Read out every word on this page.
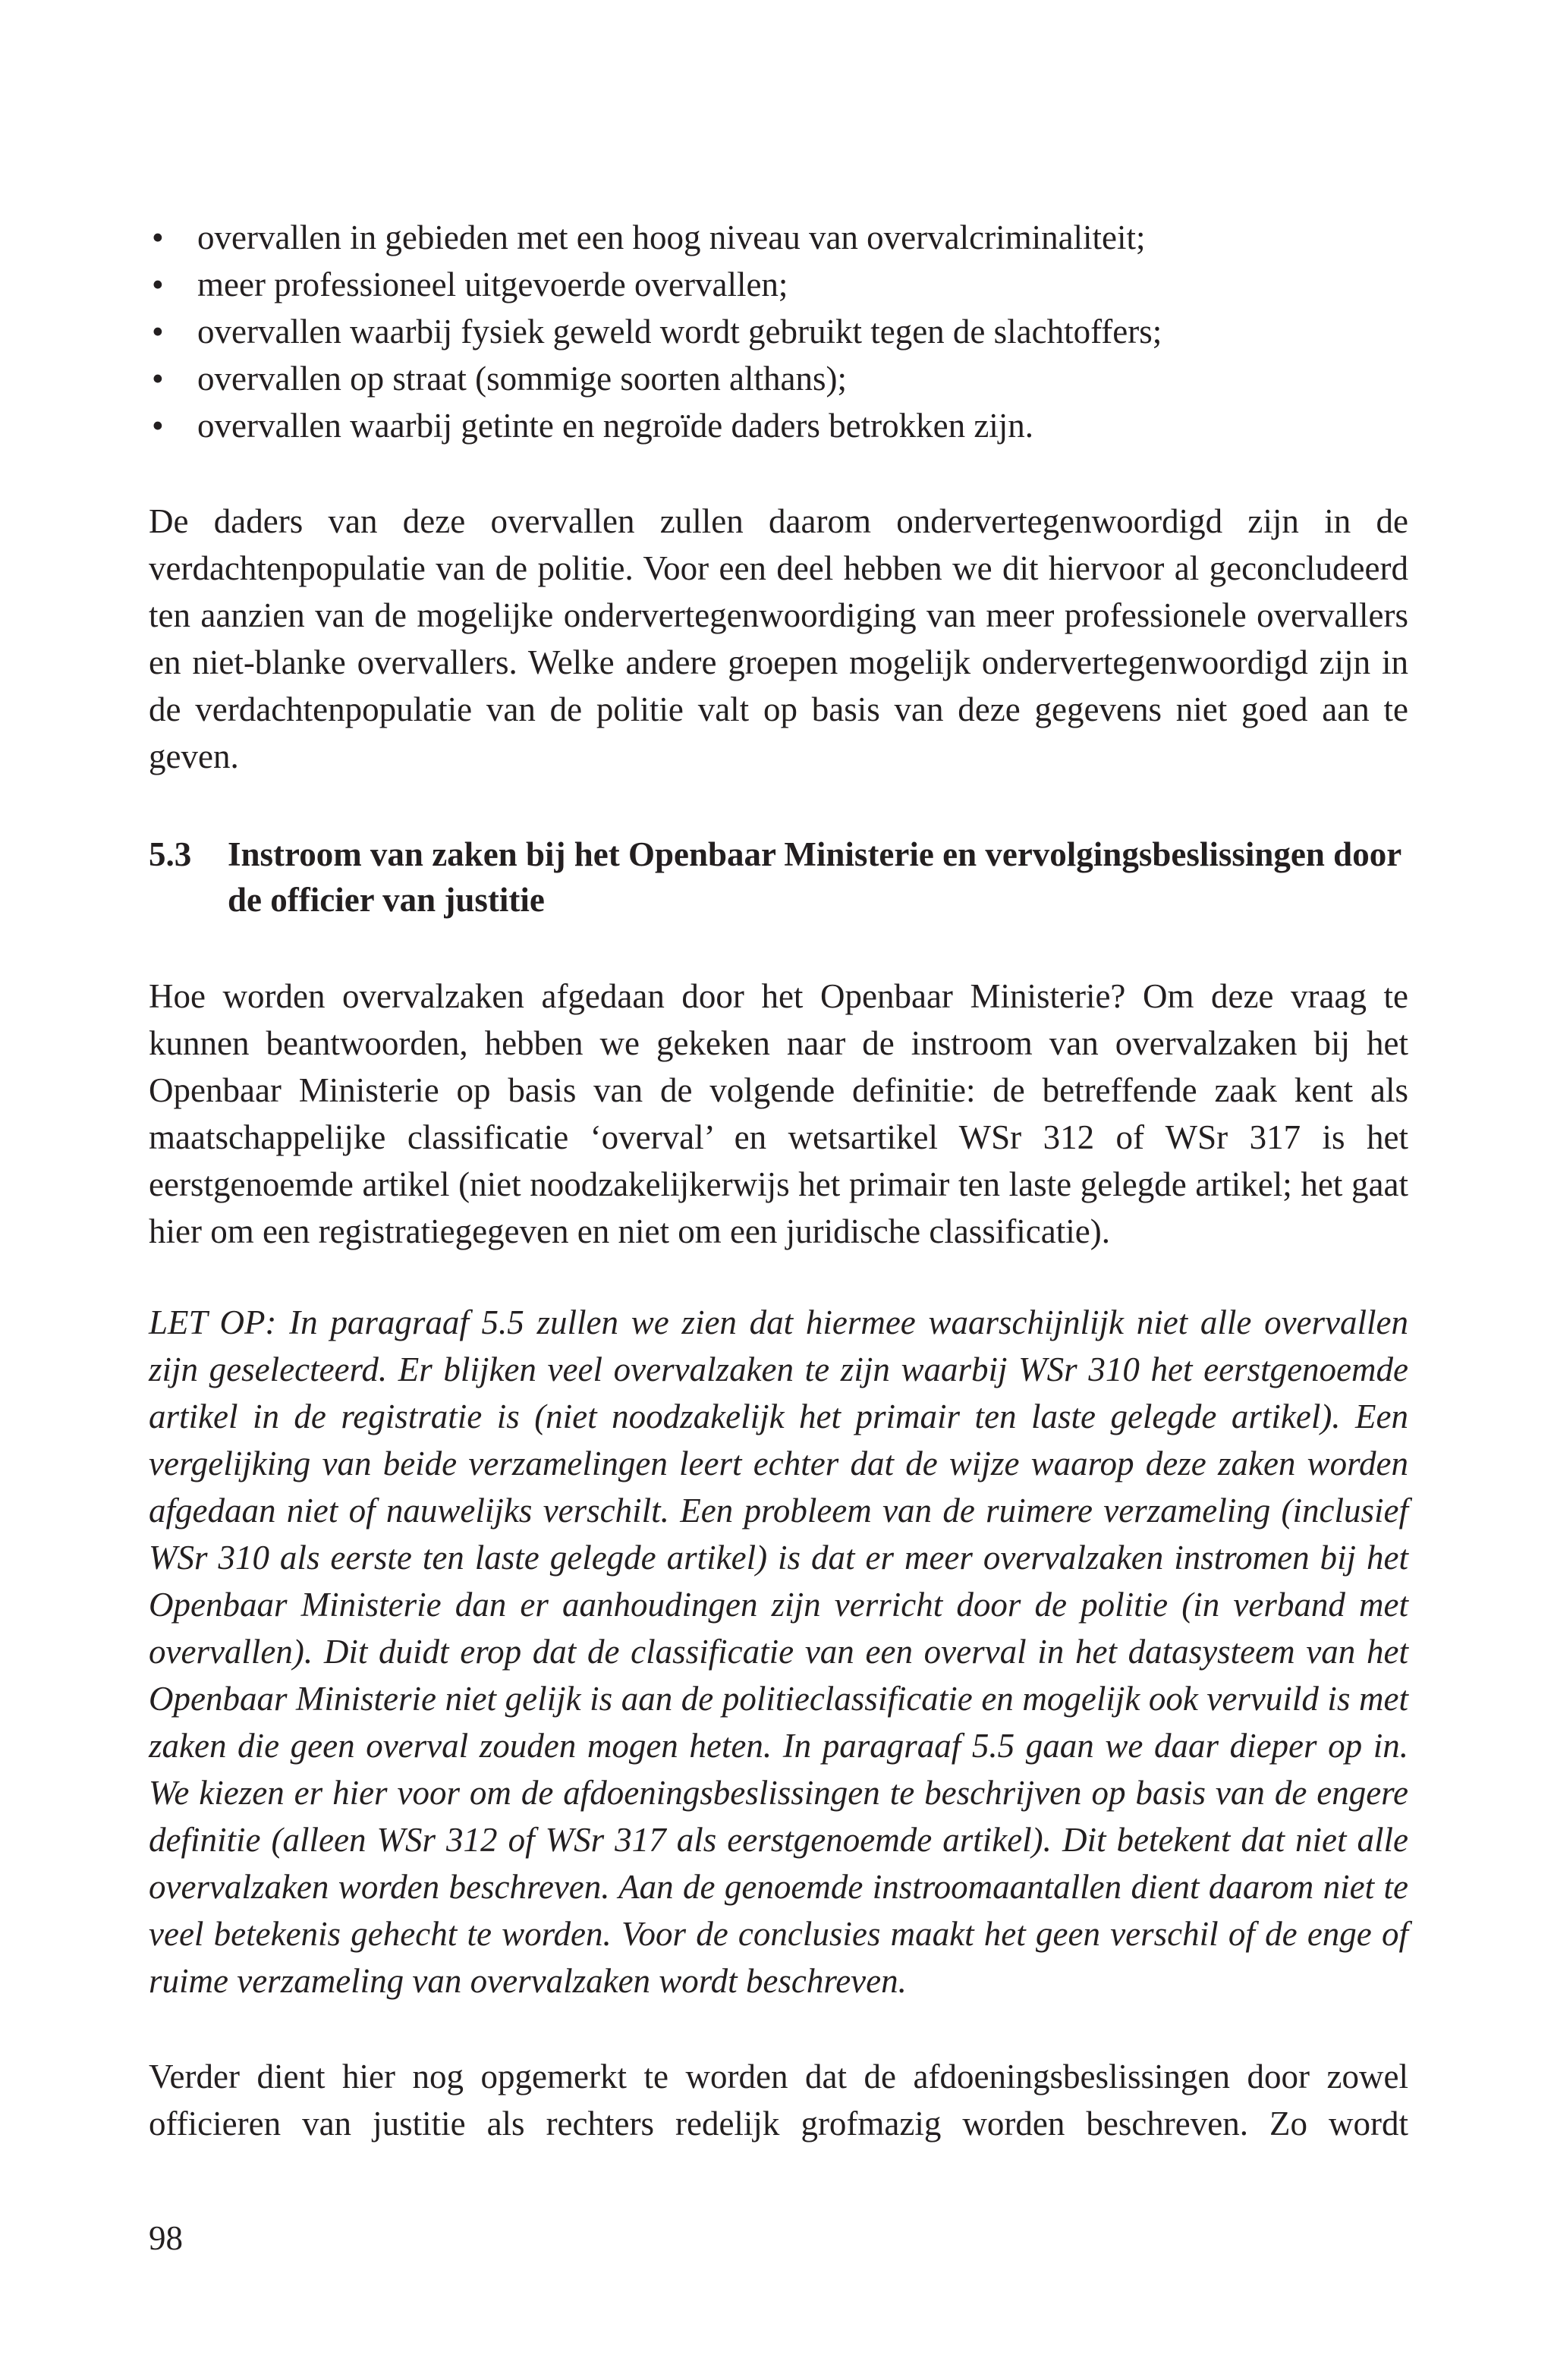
• overvallen in gebieden met een hoog niveau van overvalcriminaliteit;
• meer professioneel uitgevoerde overvallen;
• overvallen waarbij fysiek geweld wordt gebruikt tegen de slachtoffers;
• overvallen op straat (sommige soorten althans);
• overvallen waarbij getinte en negroïde daders betrokken zijn.

De daders van deze overvallen zullen daarom ondervertegenwoordigd zijn in de verdachtenpopulatie van de politie. Voor een deel hebben we dit hiervoor al geconcludeerd ten aanzien van de mogelijke ondervertegenwoordiging van meer professionele overvallers en niet-blanke overvallers. Welke andere groepen mogelijk ondervertegenwoordigd zijn in de verdachtenpopulatie van de politie valt op basis van deze gegevens niet goed aan te geven.

5.3 Instroom van zaken bij het Openbaar Ministerie en vervolgingsbeslissingen door de officier van justitie

Hoe worden overvalzaken afgedaan door het Openbaar Ministerie? Om deze vraag te kunnen beantwoorden, hebben we gekeken naar de instroom van overvalzaken bij het Openbaar Ministerie op basis van de volgende definitie: de betreffende zaak kent als maatschappelijke classificatie ‘overval’ en wetsartikel WSr 312 of WSr 317 is het eerstgenoemde artikel (niet noodzakelijkerwijs het primair ten laste gelegde artikel; het gaat hier om een registratiegegeven en niet om een juridische classificatie).

LET OP: In paragraaf 5.5 zullen we zien dat hiermee waarschijnlijk niet alle overvallen zijn geselecteerd. Er blijken veel overvalzaken te zijn waarbij WSr 310 het eerstgenoemde artikel in de registratie is (niet noodzakelijk het primair ten laste gelegde artikel). Een vergelijking van beide verzamelingen leert echter dat de wijze waarop deze zaken worden afgedaan niet of nauwelijks verschilt. Een probleem van de ruimere verzameling (inclusief WSr 310 als eerste ten laste gelegde artikel) is dat er meer overvalzaken instromen bij het Openbaar Ministerie dan er aanhoudingen zijn verricht door de politie (in verband met overvallen). Dit duidt erop dat de classificatie van een overval in het datasysteem van het Openbaar Ministerie niet gelijk is aan de politieclassificatie en mogelijk ook vervuild is met zaken die geen overval zouden mogen heten. In paragraaf 5.5 gaan we daar dieper op in. We kiezen er hier voor om de afdoeningsbeslissingen te beschrijven op basis van de engere definitie (alleen WSr 312 of WSr 317 als eerstgenoemde artikel). Dit betekent dat niet alle overvalzaken worden beschreven. Aan de genoemde instroomaantallen dient daarom niet te veel betekenis gehecht te worden. Voor de conclusies maakt het geen verschil of de enge of ruime verzameling van overvalzaken wordt beschreven.

Verder dient hier nog opgemerkt te worden dat de afdoeningsbeslissingen door zowel officieren van justitie als rechters redelijk grofmazig worden beschreven. Zo wordt

98
